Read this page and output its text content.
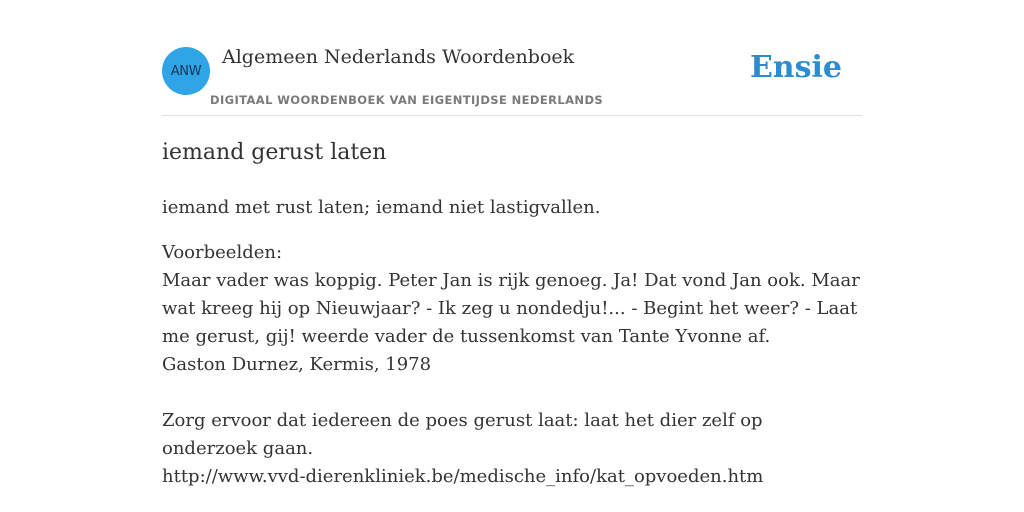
ANW
Algemeen Nederlands Woordenboek
DIGITAAL WOORDENBOEK VAN EIGENTIJDSE NEDERLANDS
Ensie
iemand gerust laten
iemand met rust laten; iemand niet lastigvallen.
Voorbeelden:
Maar vader was koppig. Peter Jan is rijk genoeg. Ja! Dat vond Jan ook. Maar wat kreeg hij op Nieuwjaar? - Ik zeg u nondedju!... - Begint het weer? - Laat me gerust, gij! weerde vader de tussenkomst van Tante Yvonne af.
Gaston Durnez, Kermis, 1978
Zorg ervoor dat iedereen de poes gerust laat: laat het dier zelf op onderzoek gaan.
http://www.vvd-dierenkliniek.be/medische_info/kat_opvoeden.htm
